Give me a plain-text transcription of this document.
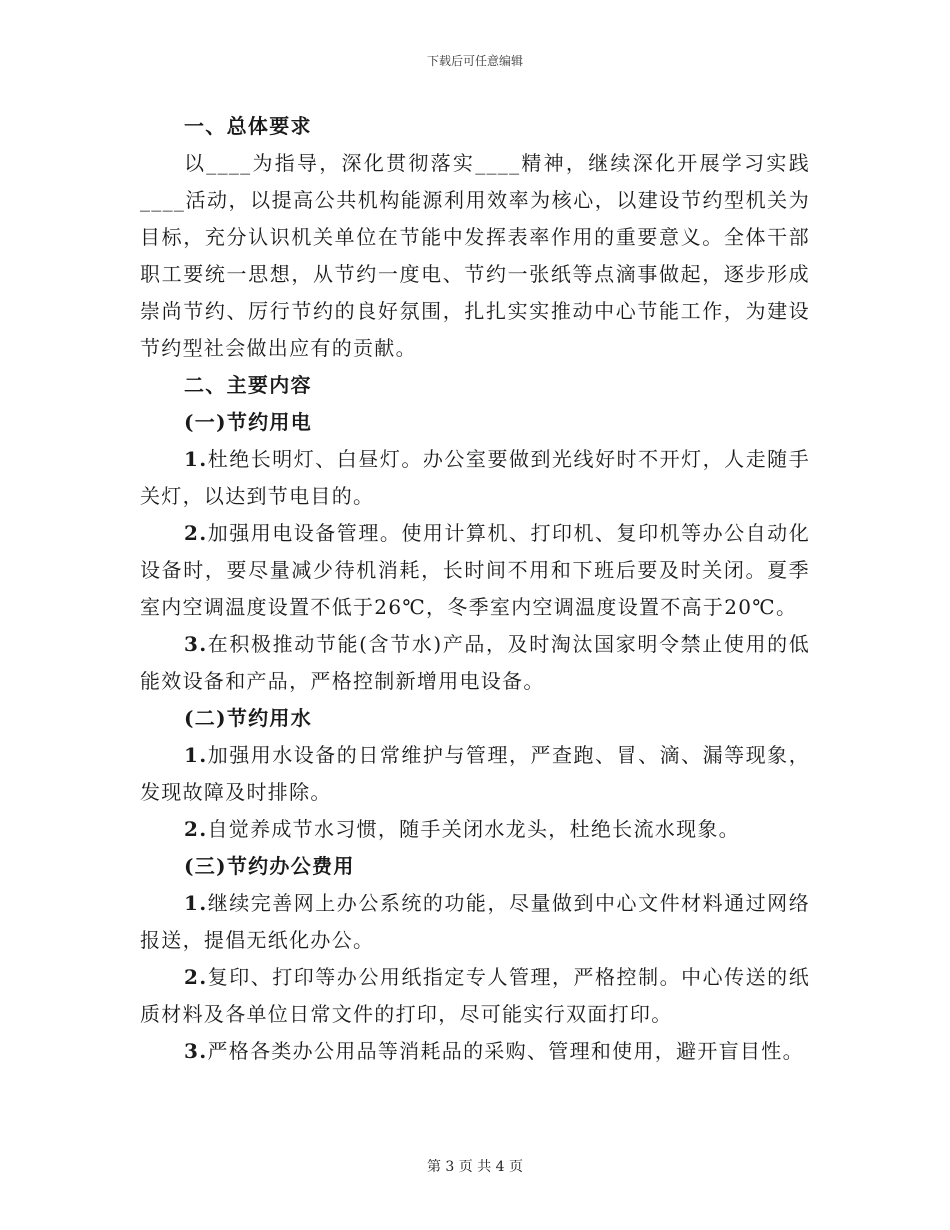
下载后可任意编辑

一、总体要求

以____为指导，深化贯彻落实____精神，继续深化开展学习实践____活动，以提高公共机构能源利用效率为核心，以建设节约型机关为目标，充分认识机关单位在节能中发挥表率作用的重要意义。全体干部职工要统一思想，从节约一度电、节约一张纸等点滴事做起，逐步形成崇尚节约、厉行节约的良好氛围，扎扎实实推动中心节能工作，为建设节约型社会做出应有的贡献。

二、主要内容

(一)节约用电

1.杜绝长明灯、白昼灯。办公室要做到光线好时不开灯，人走随手关灯，以达到节电目的。

2.加强用电设备管理。使用计算机、打印机、复印机等办公自动化设备时，要尽量减少待机消耗，长时间不用和下班后要及时关闭。夏季室内空调温度设置不低于26℃，冬季室内空调温度设置不高于20℃。

3.在积极推动节能(含节水)产品，及时淘汰国家明令禁止使用的低能效设备和产品，严格控制新增用电设备。

(二)节约用水

1.加强用水设备的日常维护与管理，严查跑、冒、滴、漏等现象，发现故障及时排除。

2.自觉养成节水习惯，随手关闭水龙头，杜绝长流水现象。

(三)节约办公费用

1.继续完善网上办公系统的功能，尽量做到中心文件材料通过网络报送，提倡无纸化办公。

2.复印、打印等办公用纸指定专人管理，严格控制。中心传送的纸质材料及各单位日常文件的打印，尽可能实行双面打印。

3.严格各类办公用品等消耗品的采购、管理和使用，避开盲目性。

第 3 页 共 4 页
